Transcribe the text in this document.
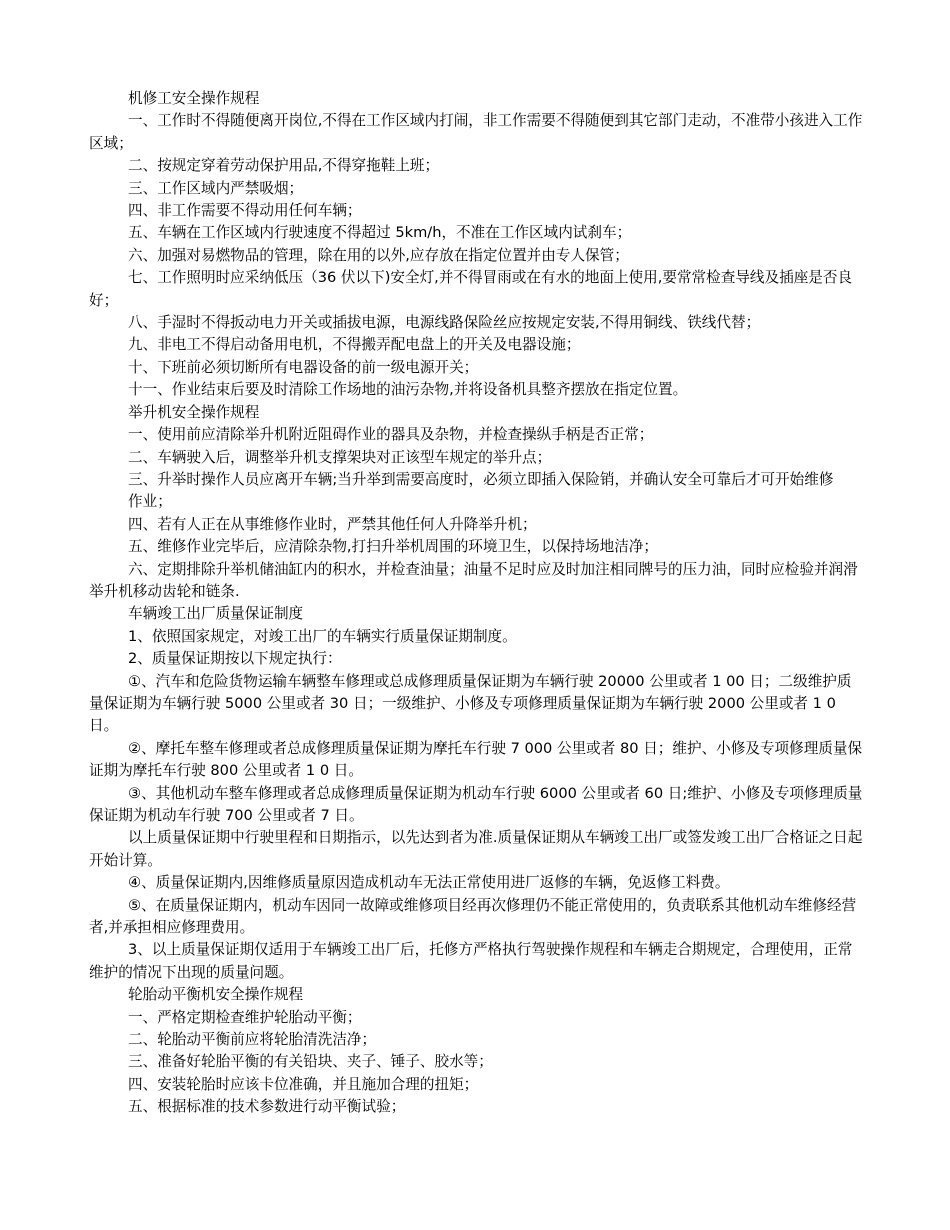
机修工安全操作规程

一、工作时不得随便离开岗位,不得在工作区域内打闹，非工作需要不得随便到其它部门走动，不准带小孩进入工作区域；

二、按规定穿着劳动保护用品,不得穿拖鞋上班；

三、工作区域内严禁吸烟；

四、非工作需要不得动用任何车辆；

五、车辆在工作区域内行驶速度不得超过 5km/h，不准在工作区域内试刹车；

六、加强对易燃物品的管理，除在用的以外,应存放在指定位置并由专人保管；

七、工作照明时应采纳低压（36 伏以下)安全灯,并不得冒雨或在有水的地面上使用,要常常检查导线及插座是否良好；

八、手湿时不得扳动电力开关或插拔电源，电源线路保险丝应按规定安装,不得用铜线、铁线代替；

九、非电工不得启动备用电机，不得搬弄配电盘上的开关及电器设施；

十、下班前必须切断所有电器设备的前一级电源开关；

十一、作业结束后要及时清除工作场地的油污杂物,并将设备机具整齐摆放在指定位置。

举升机安全操作规程

一、使用前应清除举升机附近阻碍作业的器具及杂物，并检查操纵手柄是否正常；

二、车辆驶入后，调整举升机支撑架块对正该型车规定的举升点；

三、升举时操作人员应离开车辆;当升举到需要高度时，必须立即插入保险销，并确认安全可靠后才可开始维修

作业；

四、若有人正在从事维修作业时，严禁其他任何人升降举升机；

五、维修作业完毕后，应清除杂物,打扫升举机周围的环境卫生，以保持场地洁净；

六、定期排除升举机储油缸内的积水，并检查油量；油量不足时应及时加注相同牌号的压力油，同时应检验并润滑举升机移动齿轮和链条.

车辆竣工出厂质量保证制度

1、依照国家规定，对竣工出厂的车辆实行质量保证期制度。

2、质量保证期按以下规定执行：

①、汽车和危险货物运输车辆整车修理或总成修理质量保证期为车辆行驶 20000 公里或者 1 00 日；二级维护质量保证期为车辆行驶 5000 公里或者 30 日；一级维护、小修及专项修理质量保证期为车辆行驶 2000 公里或者 1 0 日。

②、摩托车整车修理或者总成修理质量保证期为摩托车行驶 7 000 公里或者 80 日；维护、小修及专项修理质量保证期为摩托车行驶 800 公里或者 1 0 日。

③、其他机动车整车修理或者总成修理质量保证期为机动车行驶 6000 公里或者 60 日;维护、小修及专项修理质量保证期为机动车行驶 700 公里或者 7 日。

以上质量保证期中行驶里程和日期指示，以先达到者为准.质量保证期从车辆竣工出厂或签发竣工出厂合格证之日起开始计算。

④、质量保证期内,因维修质量原因造成机动车无法正常使用进厂返修的车辆，免返修工料费。

⑤、在质量保证期内，机动车因同一故障或维修项目经再次修理仍不能正常使用的，负责联系其他机动车维修经营者,并承担相应修理费用。

3、以上质量保证期仅适用于车辆竣工出厂后，托修方严格执行驾驶操作规程和车辆走合期规定，合理使用，正常维护的情况下出现的质量问题。

轮胎动平衡机安全操作规程

一、严格定期检查维护轮胎动平衡；

二、轮胎动平衡前应将轮胎清洗洁净；

三、准备好轮胎平衡的有关铅块、夹子、锤子、胶水等；

四、安装轮胎时应该卡位准确，并且施加合理的扭矩；

五、根据标准的技术参数进行动平衡试验；
